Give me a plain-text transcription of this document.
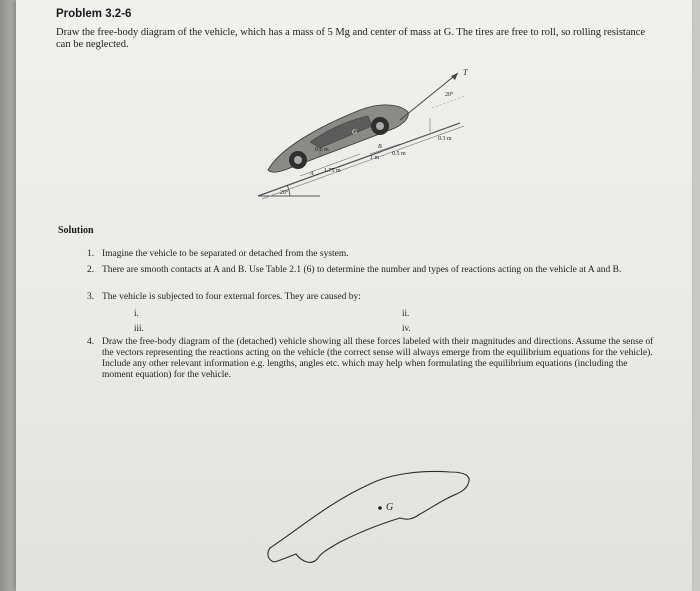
Problem 3.2-6
Draw the free-body diagram of the vehicle, which has a mass of 5 Mg and center of mass at G. The tires are free to roll, so rolling resistance can be neglected.
T
20°
G
0.6 m	B
0.3 m
1 m
0.5 m
A 1.75 m
20°
Solution
1. Imagine the vehicle to be separated or detached from the system.
2. There are smooth contacts at A and B. Use Table 2.1 (6) to determine the number and types of reactions acting on the vehicle at A and B.
3. The vehicle is subjected to four external forces. They are caused by:
i.	ii.
iii.	iv.
4. Draw the free-body diagram of the (detached) vehicle showing all these forces labeled with their magnitudes and directions. Assume the sense of the vectors representing the reactions acting on the vehicle (the correct sense will always emerge from the equilibrium equations for the vehicle). Include any other relevant information e.g. lengths, angles etc. which may help when formulating the equilibrium equations (including the moment equation) for the vehicle.
G
